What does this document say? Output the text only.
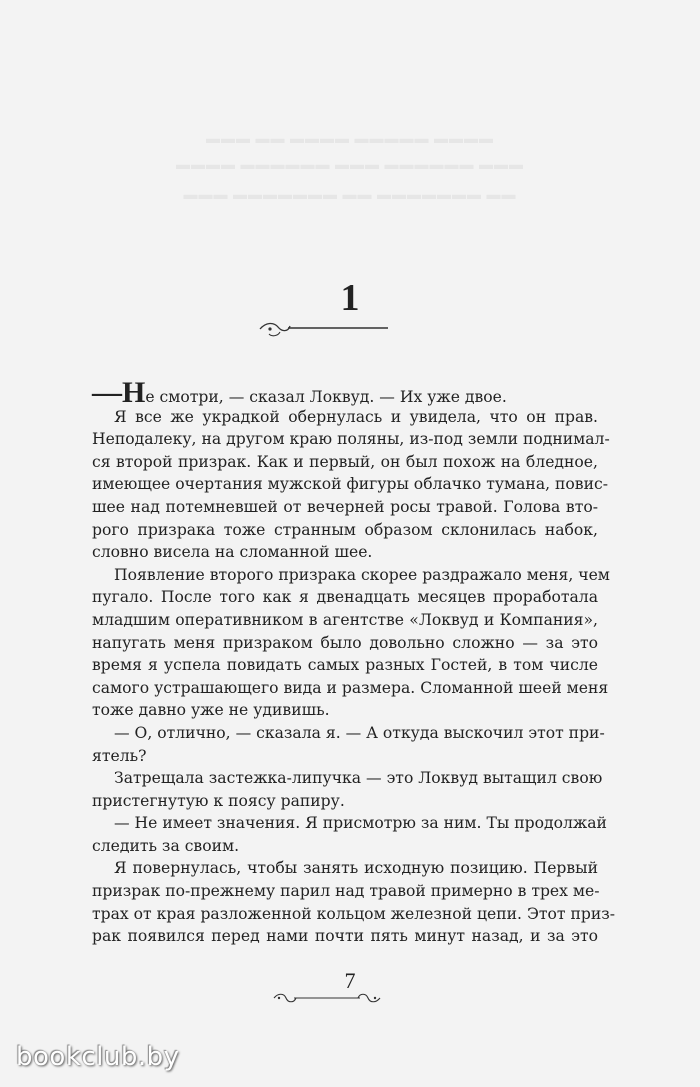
▬▬▬ ▬▬ ▬▬▬▬ ▬▬▬▬▬ ▬▬▬▬
▬▬▬▬ ▬▬▬▬▬▬ ▬▬▬ ▬▬▬▬▬▬ ▬▬▬
▬▬▬ ▬▬▬▬▬▬▬ ▬▬ ▬▬▬▬▬▬▬ ▬▬
1
—Не смотри, — сказал Локвуд. — Их уже двое.
Я все же украдкой обернулась и увидела, что он прав.
Неподалеку, на другом краю поляны, из-под земли поднимал-
ся второй призрак. Как и первый, он был похож на бледное,
имеющее очертания мужской фигуры облачко тумана, повис-
шее над потемневшей от вечерней росы травой. Голова вто-
рого призрака тоже странным образом склонилась набок,
словно висела на сломанной шее.
Появление второго призрака скорее раздражало меня, чем
пугало. После того как я двенадцать месяцев проработала
младшим оперативником в агентстве «Локвуд и Компания»,
напугать меня призраком было довольно сложно — за это
время я успела повидать самых разных Гостей, в том числе
самого устрашающего вида и размера. Сломанной шеей меня
тоже давно уже не удивишь.
— О, отлично, — сказала я. — А откуда выскочил этот при-
ятель?
Затрещала застежка-липучка — это Локвуд вытащил свою
пристегнутую к поясу рапиру.
— Не имеет значения. Я присмотрю за ним. Ты продолжай
следить за своим.
Я повернулась, чтобы занять исходную позицию. Первый
призрак по-прежнему парил над травой примерно в трех ме-
трах от края разложенной кольцом железной цепи. Этот приз-
рак появился перед нами почти пять минут назад, и за это
7
bookclub.by
